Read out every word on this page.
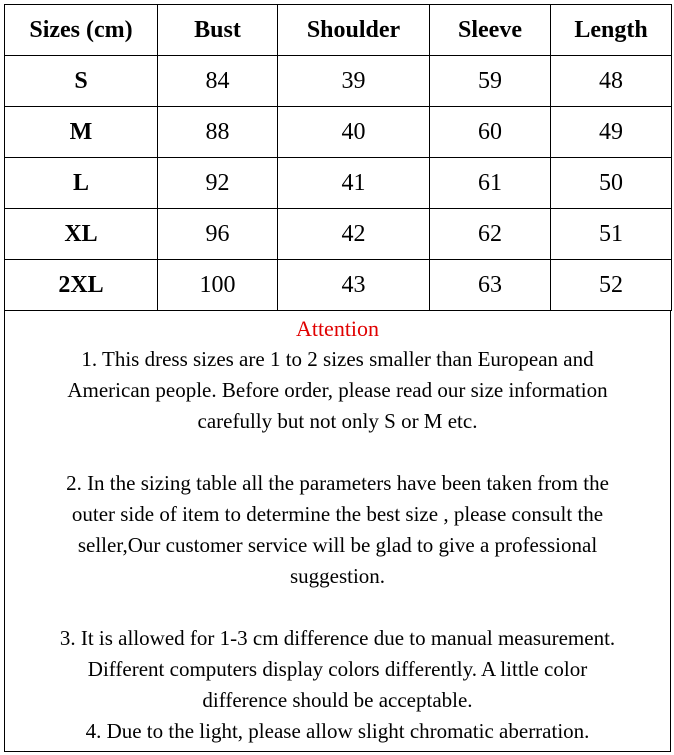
Sizes (cm)	Bust	Shoulder	Sleeve	Length
S	84	39	59	48
M	88	40	60	49
L	92	41	61	50
XL	96	42	62	51
2XL	100	43	63	52
Attention

1. This dress sizes are 1 to 2 sizes smaller than European and

American people. Before order, please read our size information

carefully but not only S or M etc.

2. In the sizing table all the parameters have been taken from the

outer side of item to determine the best size , please consult the

seller,Our customer service will be glad to give a professional

suggestion.

3. It is allowed for 1-3 cm difference due to manual measurement.

Different computers display colors differently. A little color

difference should be acceptable.

4. Due to the light, please allow slight chromatic aberration.
